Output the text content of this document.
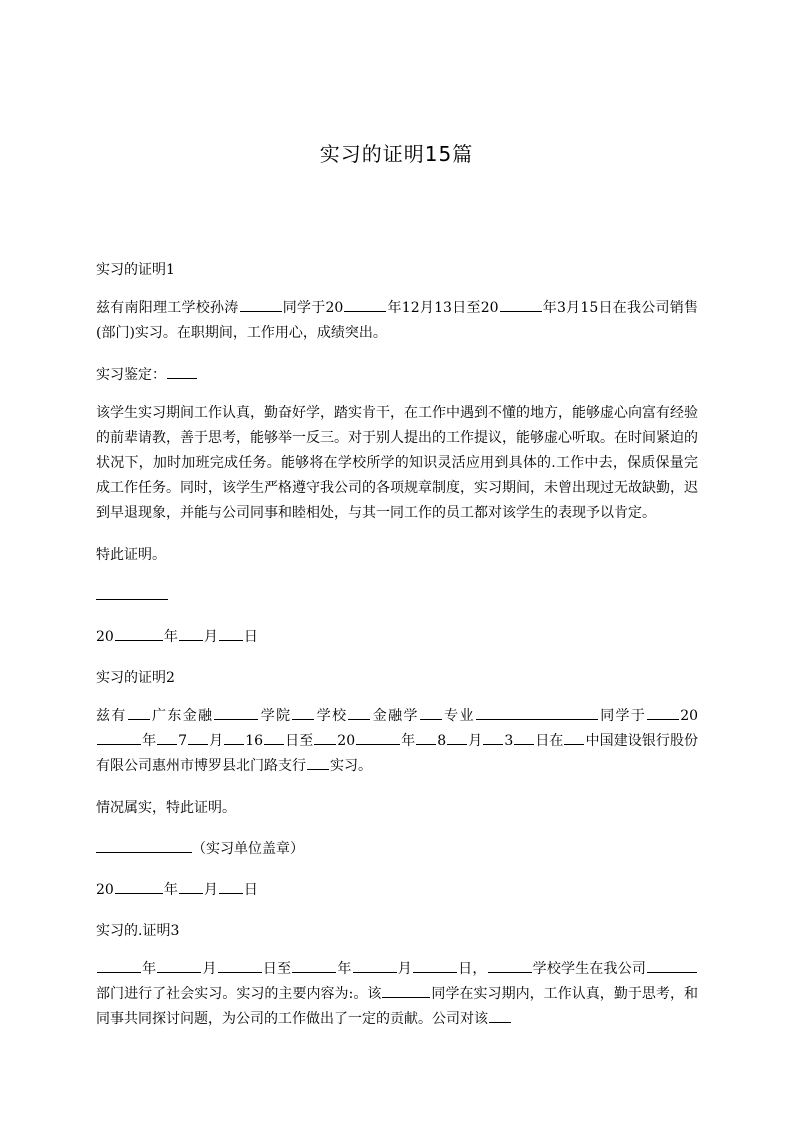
实习的证明15篇

实习的证明1

兹有南阳理工学校孙涛	同学于20	年12月13日至20	年3月15日在我公司销售(部门)实习。在职期间，工作用心，成绩突出。

实习鉴定：

该学生实习期间工作认真，勤奋好学，踏实肯干，在工作中遇到不懂的地方，能够虚心向富有经验的前辈请教，善于思考，能够举一反三。对于别人提出的工作提议，能够虚心听取。在时间紧迫的状况下，加时加班完成任务。能够将在学校所学的知识灵活应用到具体的.工作中去，保质保量完成工作任务。同时，该学生严格遵守我公司的各项规章制度，实习期间，未曾出现过无故缺勤，迟到早退现象，并能与公司同事和睦相处，与其一同工作的员工都对该学生的表现予以肯定。

特此证明。

20	年 月 日

实习的证明2

兹有 广东金融	学院 学校 金融学 专业	同学于 20年 7 月 16 日至 20	年 8 月 3 日在 中国建设银行股份有限公司惠州市博罗县北门路支行 实习。

情况属实，特此证明。

（实习单位盖章）

20	年 月 日

实习的.证明3

年	月	日至	年	月	日，	学校学生在我公司部门进行了社会实习。实习的主要内容为:。该	同学在实习期内，工作认真，勤于思考，和同事共同探讨问题，为公司的工作做出了一定的贡献。公司对该
